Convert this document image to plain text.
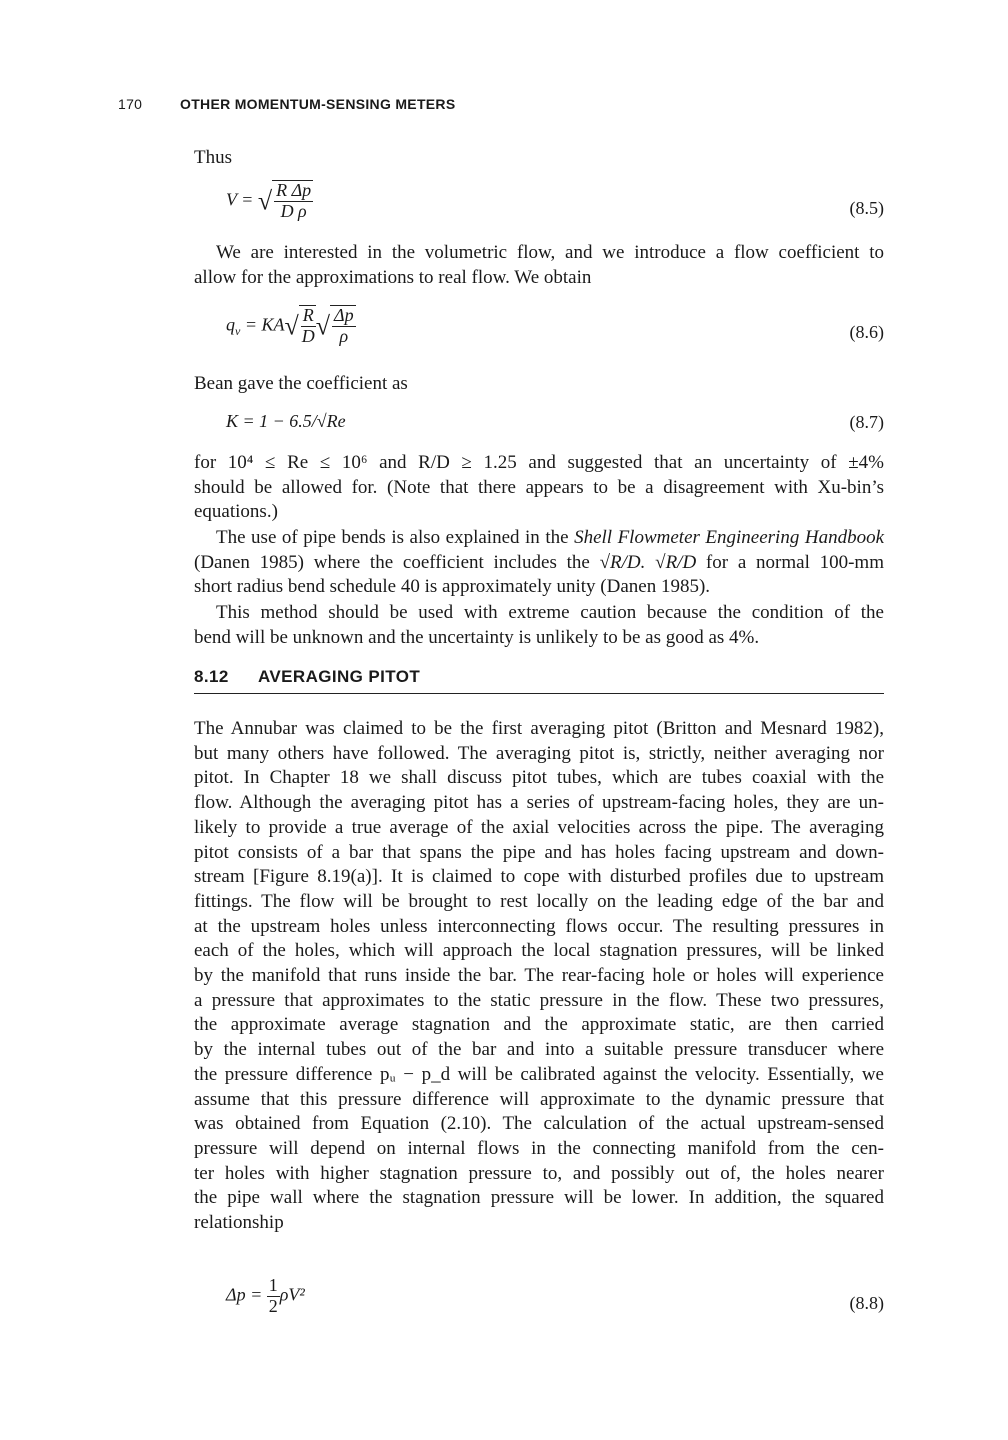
170	OTHER MOMENTUM-SENSING METERS
Thus
V = √ $\frac{\text{R Δp}}{\text{D ρ}}$	(8.5)
We are interested in the volumetric flow, and we introduce a flow coefficient to
allow for the approximations to real flow. We obtain
$q_v = KA√ \frac{R}{D}$ √ $\frac{\Delta p}{\rho}$	(8.6)
Bean gave the coefficient as
K = 1 − 6.5/√Re	(8.7)
for 10⁴ ≤ Re ≤ 10⁶ and R/D ≥ 1.25 and suggested that an uncertainty of ±4%
should be allowed for. (Note that there appears to be a disagreement with Xu-bin’s
equations.)
The use of pipe bends is also explained in the Shell Flowmeter Engineering Handbook
(Danen 1985) where the coefficient includes the √R/D. √R/D for a normal 100-mm
short radius bend schedule 40 is approximately unity (Danen 1985).
This method should be used with extreme caution because the condition of the
bend will be unknown and the uncertainty is unlikely to be as good as 4%.
8.12 AVERAGING PITOT
The Annubar was claimed to be the first averaging pitot (Britton and Mesnard 1982),
but many others have followed. The averaging pitot is, strictly, neither averaging nor
pitot. In Chapter 18 we shall discuss pitot tubes, which are tubes coaxial with the
flow. Although the averaging pitot has a series of upstream-facing holes, they are un-
likely to provide a true average of the axial velocities across the pipe. The averaging
pitot consists of a bar that spans the pipe and has holes facing upstream and down-
stream [Figure 8.19(a)]. It is claimed to cope with disturbed profiles due to upstream
fittings. The flow will be brought to rest locally on the leading edge of the bar and
at the upstream holes unless interconnecting flows occur. The resulting pressures in
each of the holes, which will approach the local stagnation pressures, will be linked
by the manifold that runs inside the bar. The rear-facing hole or holes will experience
a pressure that approximates to the static pressure in the flow. These two pressures,
the approximate average stagnation and the approximate static, are then carried
by the internal tubes out of the bar and into a suitable pressure transducer where
the pressure difference pᵤ − p_d will be calibrated against the velocity. Essentially, we
assume that this pressure difference will approximate to the dynamic pressure that
was obtained from Equation (2.10). The calculation of the actual upstream-sensed
pressure will depend on internal flows in the connecting manifold from the cen-
ter holes with higher stagnation pressure to, and possibly out of, the holes nearer
the pipe wall where the stagnation pressure will be lower. In addition, the squared
relationship
$\Delta p = \frac{1}{2} \rho V^2$	(8.8)
